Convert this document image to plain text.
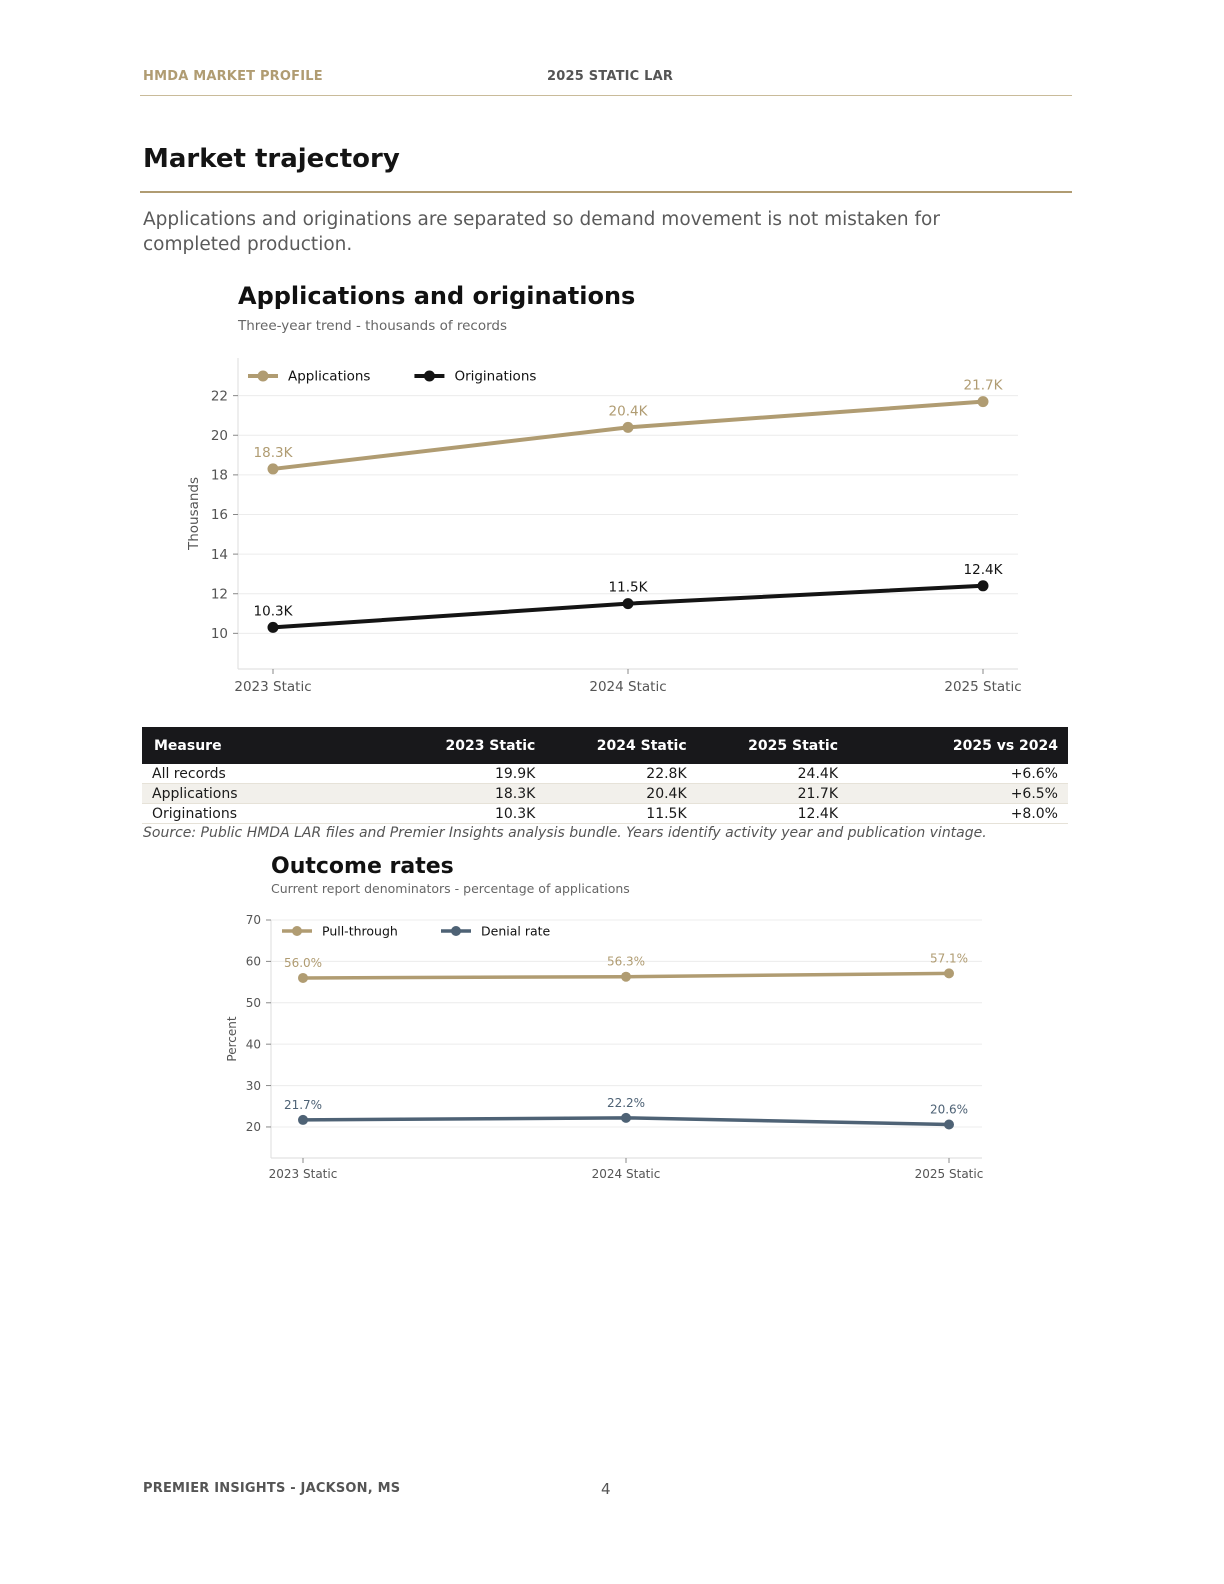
HMDA MARKET PROFILE	2025 STATIC LAR
Market trajectory

Applications and originations are separated so demand movement is not mistaken for completed production.

Applications and originations
Three-year trend - thousands of records
10
12
14
16
18
20
22
2023 Static	2024 Static	2025 Static
Thousands
18.3K
20.4K
21.7K
10.3K
11.5K
12.4K
Applications	Originations
Measure	2023 Static	2024 Static	2025 Static	2025 vs 2024
All records	19.9K	22.8K	24.4K	+6.6%
Applications	18.3K	20.4K	21.7K	+6.5%
Originations	10.3K	11.5K	12.4K	+8.0%
Source: Public HMDA LAR files and Premier Insights analysis bundle. Years identify activity year and publication vintage.
Outcome rates
Current report denominators - percentage of applications
20
30
40
50
60
70
2023 Static	2024 Static	2025 Static
Percent
56.0%	56.3%	57.1%
21.7%	22.2%	20.6%
Pull-through	Denial rate
PREMIER INSIGHTS - JACKSON, MS	4
